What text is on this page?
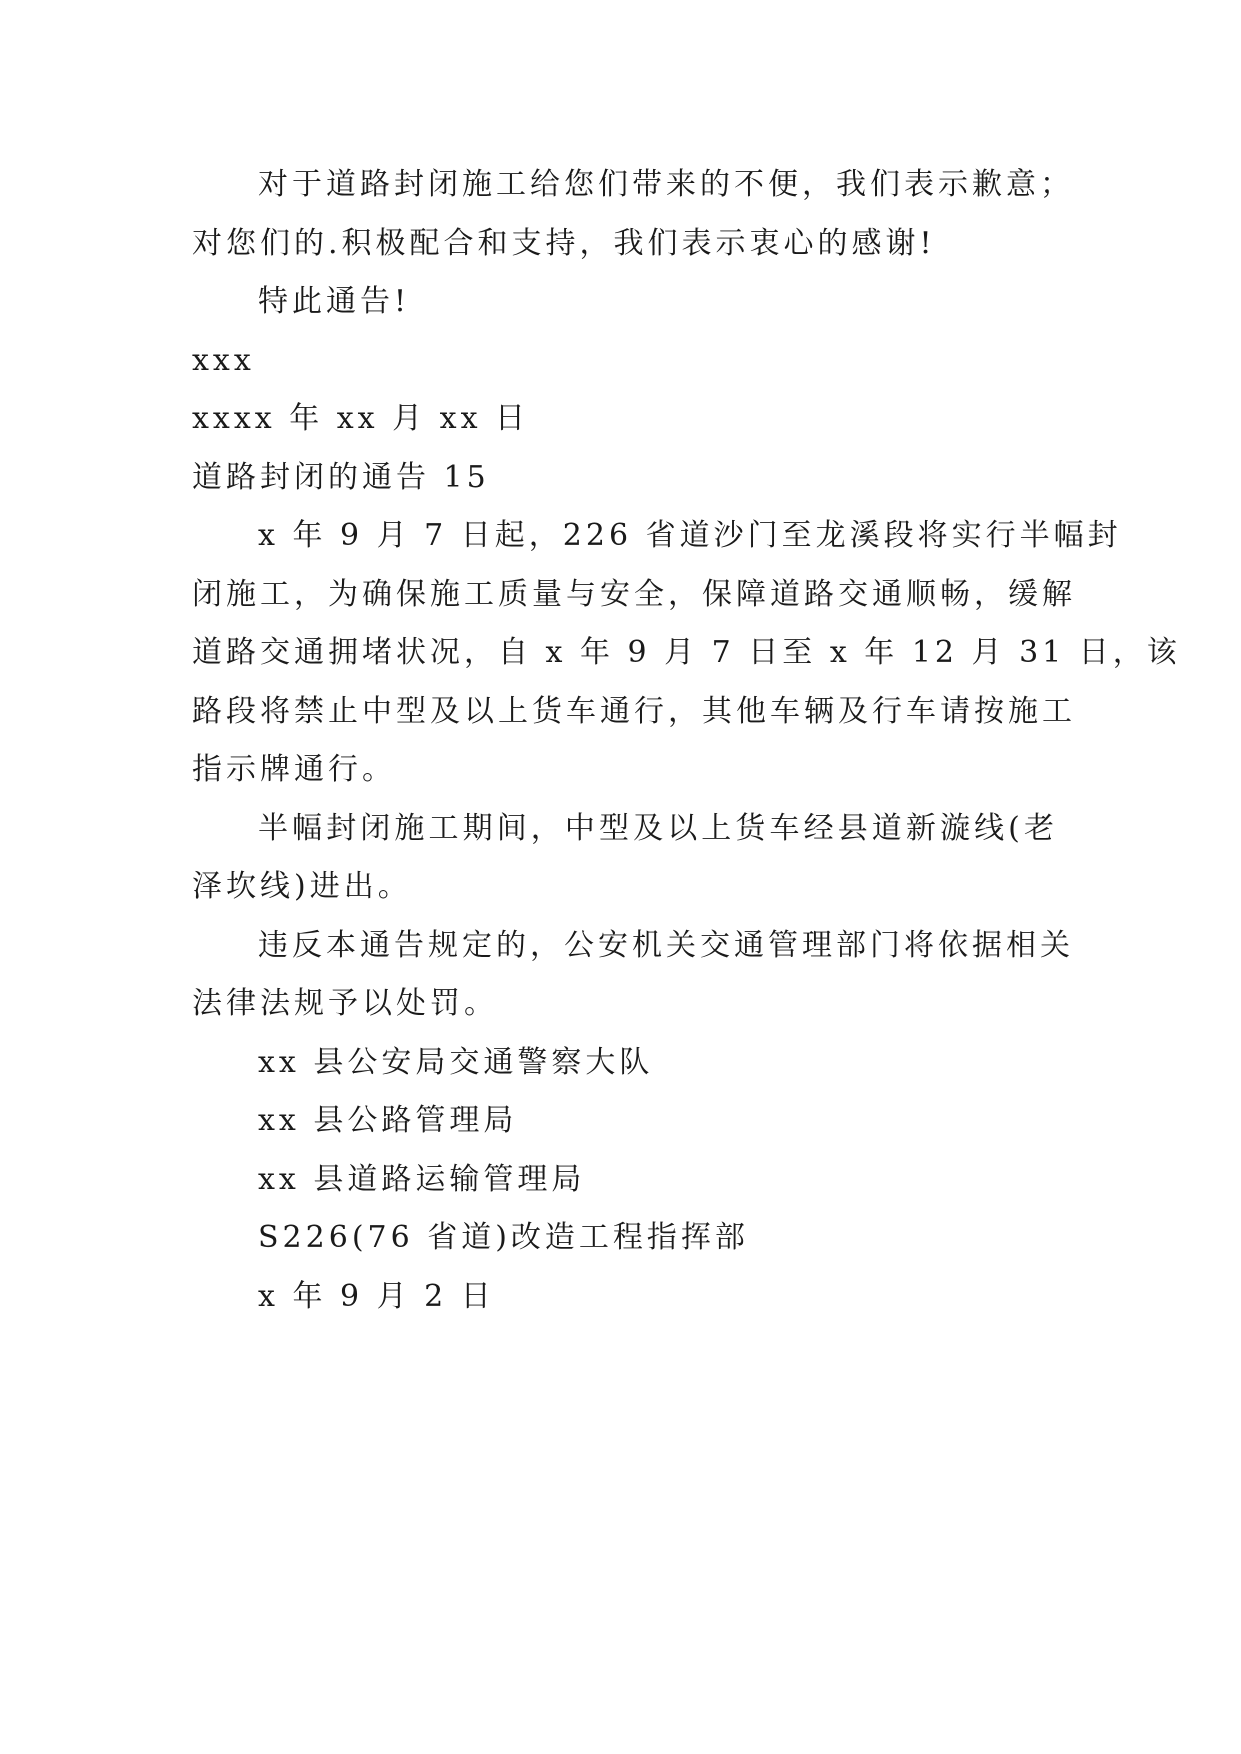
对于道路封闭施工给您们带来的不便，我们表示歉意；
对您们的.积极配合和支持，我们表示衷心的感谢!
特此通告!
xxx
xxxx 年 xx 月 xx 日
道路封闭的通告 15
x 年 9 月 7 日起，226 省道沙门至龙溪段将实行半幅封
闭施工，为确保施工质量与安全，保障道路交通顺畅，缓解
道路交通拥堵状况，自 x 年 9 月 7 日至 x 年 12 月 31 日，该
路段将禁止中型及以上货车通行，其他车辆及行车请按施工
指示牌通行。
半幅封闭施工期间，中型及以上货车经县道新漩线(老
泽坎线)进出。
违反本通告规定的，公安机关交通管理部门将依据相关
法律法规予以处罚。
xx 县公安局交通警察大队
xx 县公路管理局
xx 县道路运输管理局
S226(76 省道)改造工程指挥部
x 年 9 月 2 日
